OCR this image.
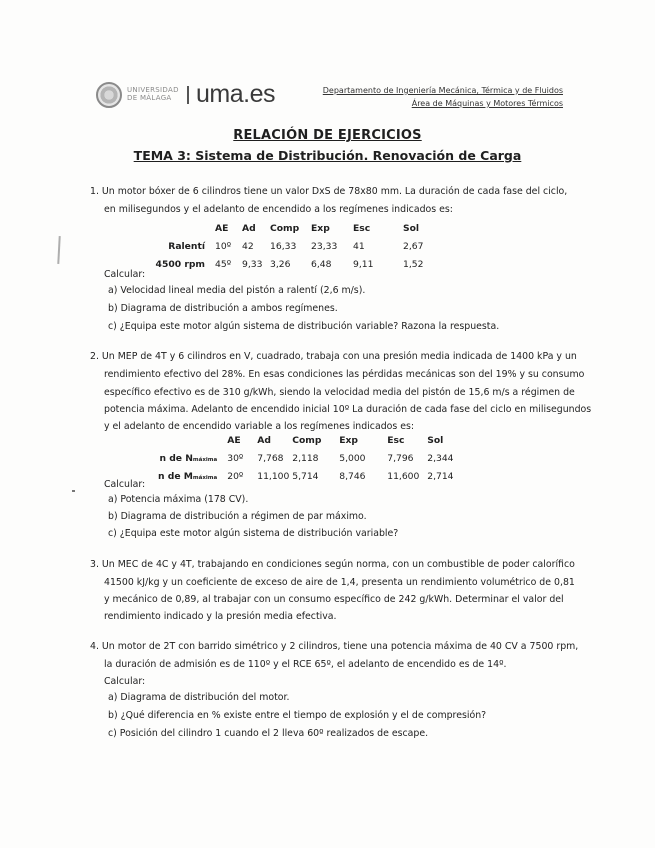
UNIVERSIDAD
DE MÁLAGA uma.es	Departamento de Ingeniería Mecánica, Térmica y de Fluidos
Área de Máquinas y Motores Térmicos
RELACIÓN DE EJERCICIOS
TEMA 3: Sistema de Distribución. Renovación de Carga
1. Un motor bóxer de 6 cilindros tiene un valor DxS de 78x80 mm. La duración de cada fase del ciclo,
en milisegundos y el adelanto de encendido a los regímenes indicados es:
	AE	Ad	Comp	Exp	Esc	Sol
Ralentí	10º	42	16,33	23,33	41	2,67
4500 rpm	45º	9,33	3,26	6,48	9,11	1,52
Calcular:
a) Velocidad lineal media del pistón a ralentí (2,6 m/s).
b) Diagrama de distribución a ambos regímenes.
c) ¿Equipa este motor algún sistema de distribución variable? Razona la respuesta.
2. Un MEP de 4T y 6 cilindros en V, cuadrado, trabaja con una presión media indicada de 1400 kPa y un
rendimiento efectivo del 28%. En esas condiciones las pérdidas mecánicas son del 19% y su consumo
específico efectivo es de 310 g/kWh, siendo la velocidad media del pistón de 15,6 m/s a régimen de
potencia máxima. Adelanto de encendido inicial 10º La duración de cada fase del ciclo en milisegundos
y el adelanto de encendido variable a los regímenes indicados es:
	AE	Ad	Comp	Exp	Esc	Sol
n de Nmáxima	30º	7,768	2,118	5,000	7,796	2,344
n de Mmáxima	20º	11,100	5,714	8,746	11,600	2,714
Calcular:
a) Potencia máxima (178 CV).
b) Diagrama de distribución a régimen de par máximo.
c) ¿Equipa este motor algún sistema de distribución variable?
3. Un MEC de 4C y 4T, trabajando en condiciones según norma, con un combustible de poder calorífico
41500 kJ/kg y un coeficiente de exceso de aire de 1,4, presenta un rendimiento volumétrico de 0,81
y mecánico de 0,89, al trabajar con un consumo específico de 242 g/kWh. Determinar el valor del
rendimiento indicado y la presión media efectiva.
4. Un motor de 2T con barrido simétrico y 2 cilindros, tiene una potencia máxima de 40 CV a 7500 rpm,
la duración de admisión es de 110º y el RCE 65º, el adelanto de encendido es de 14º.
Calcular:
a) Diagrama de distribución del motor.
b) ¿Qué diferencia en % existe entre el tiempo de explosión y el de compresión?
c) Posición del cilindro 1 cuando el 2 lleva 60º realizados de escape.
